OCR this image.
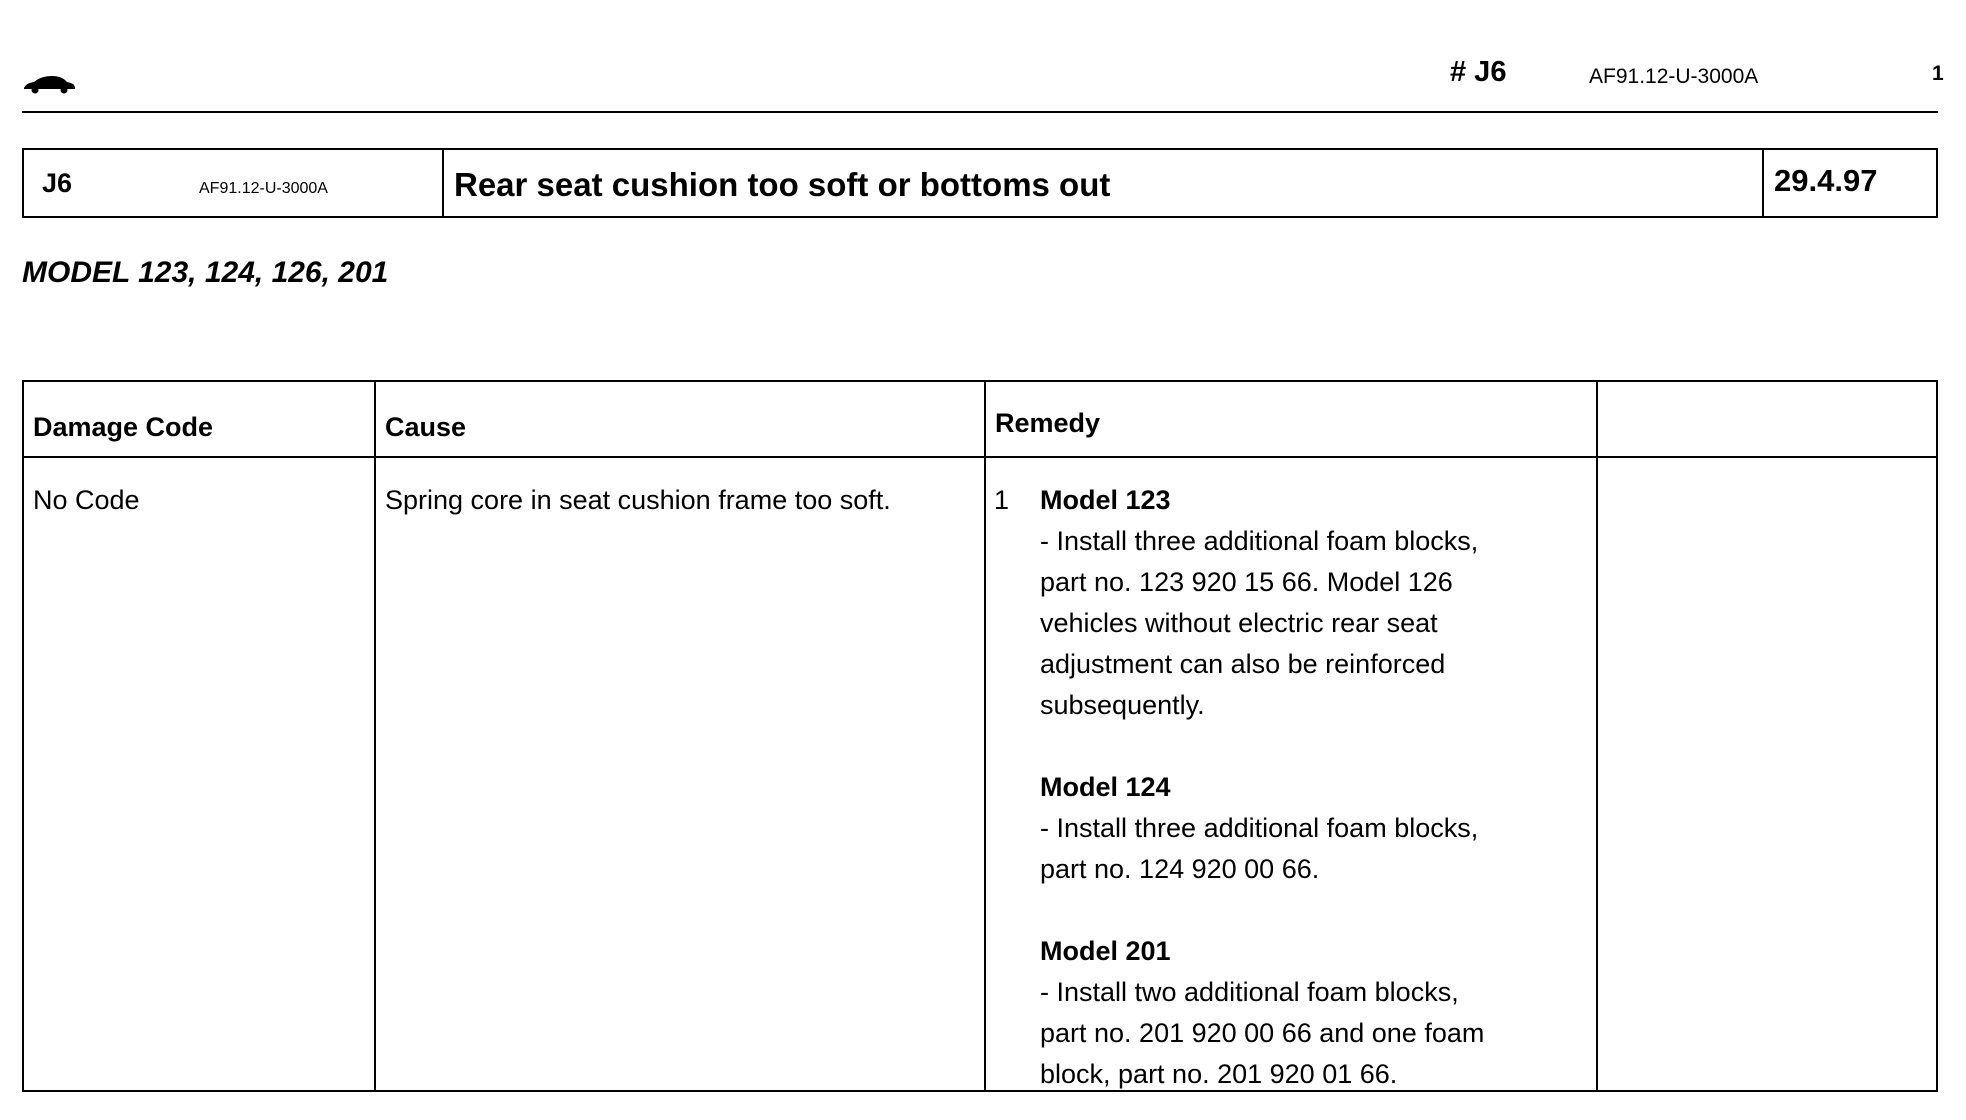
# J6	AF91.12-U-3000A	1
J6	AF91.12-U-3000A	Rear seat cushion too soft or bottoms out	29.4.97
MODEL 123, 124, 126, 201
Damage Code	Cause	Remedy
No Code	Spring core in seat cushion frame too soft.	1 Model 123
- Install three additional foam blocks,
part no. 123 920 15 66. Model 126
vehicles without electric rear seat
adjustment can also be reinforced
subsequently.
Model 124
- Install three additional foam blocks,
part no. 124 920 00 66.
Model 201
- Install two additional foam blocks,
part no. 201 920 00 66 and one foam
block, part no. 201 920 01 66.
